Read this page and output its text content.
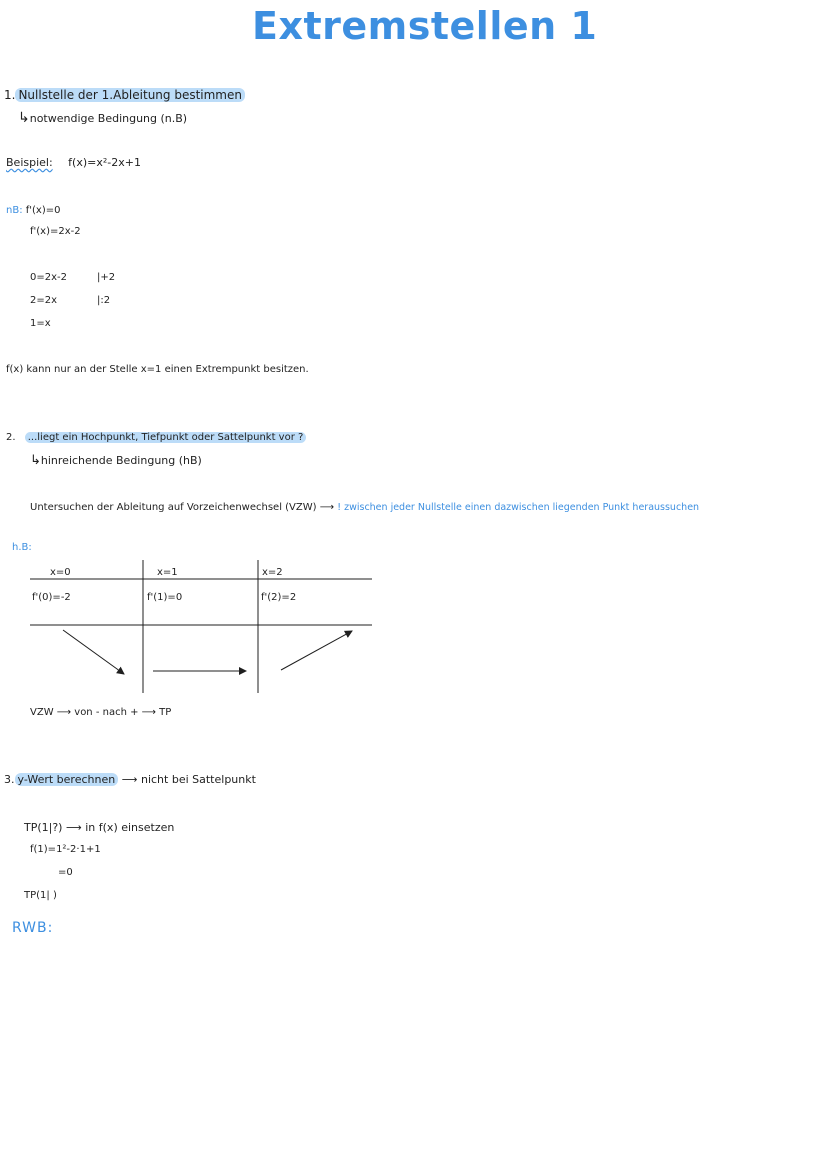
Extremstellen 1
1. Nullstelle der 1.Ableitung bestimmen
↳notwendige Bedingung (n.B)
Beispiel: f(x)=x²-2x+1
nB: f'(x)=0
f'(x)=2x-2
0=2x-2	|+2
2=2x	|:2
1=x
f(x) kann nur an der Stelle x=1 einen Extrempunkt besitzen.
2. ...liegt ein Hochpunkt, Tiefpunkt oder Sattelpunkt vor ?
↳hinreichende Bedingung (hB)
Untersuchen der Ableitung auf Vorzeichenwechsel (VZW) ⟶ ! zwischen jeder Nullstelle einen dazwischen liegenden Punkt heraussuchen
h.B:
x=0	x=1	x=2
f'(0)=-2	f'(1)=0	f'(2)=2
VZW ⟶ von - nach + ⟶ TP
3. y-Wert berechnen ⟶ nicht bei Sattelpunkt
TP(1|?) ⟶ in f(x) einsetzen
f(1)=1²-2·1+1
=0
TP(1| )
RWB:
